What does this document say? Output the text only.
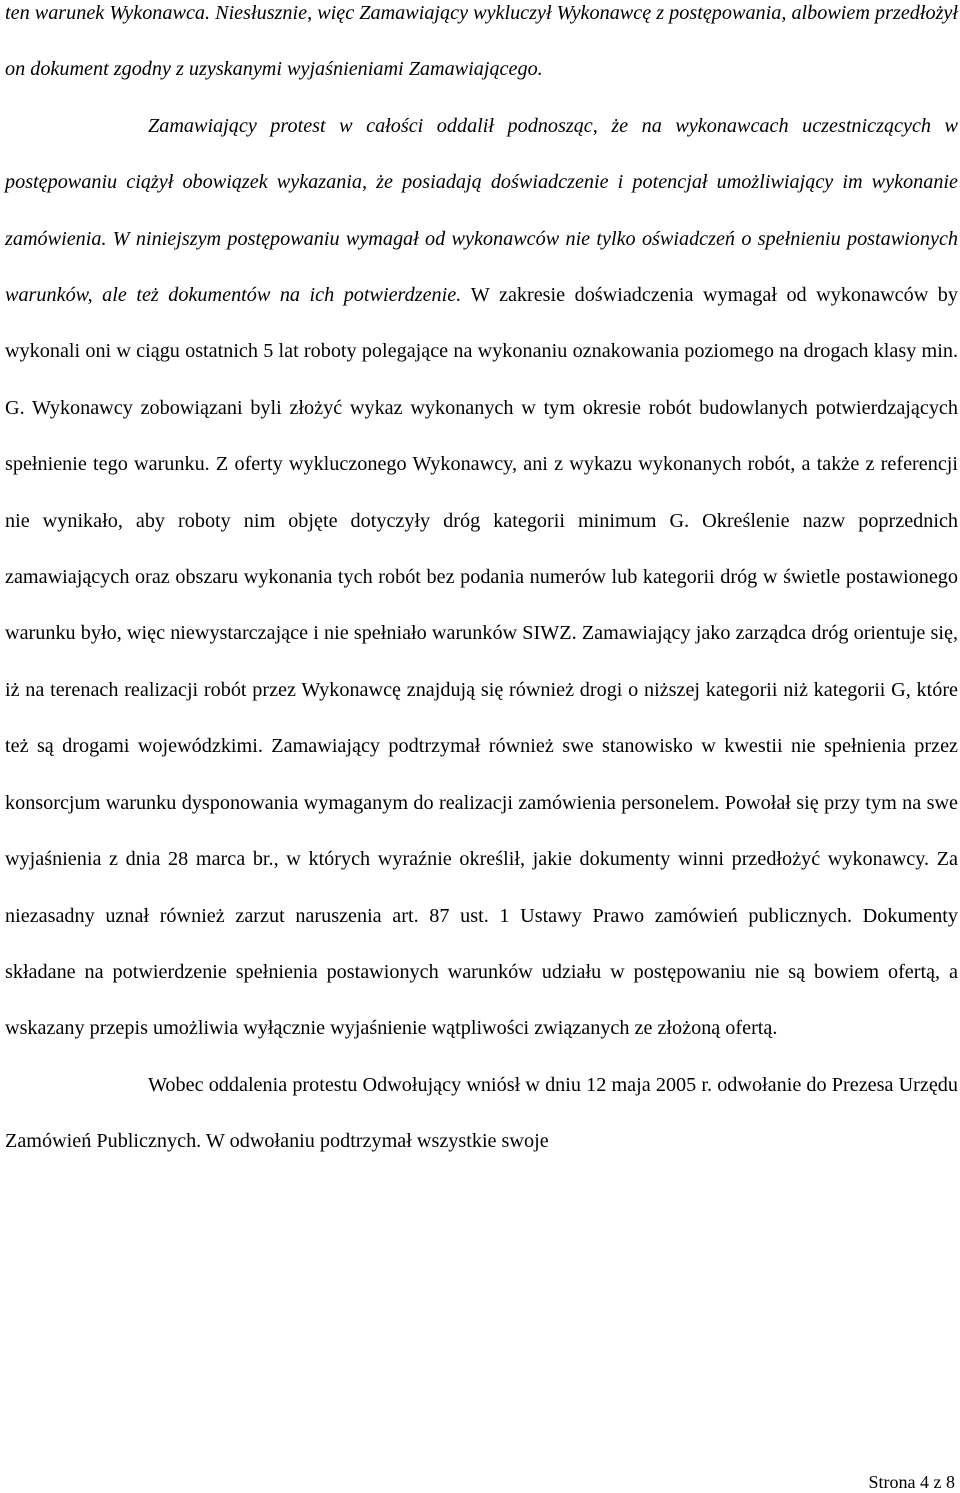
ten warunek Wykonawca. Niesłusznie, więc Zamawiający wykluczył Wykonawcę z postępowania, albowiem przedłożył on dokument zgodny z uzyskanymi wyjaśnieniami Zamawiającego.

Zamawiający protest w całości oddalił podnosząc, że na wykonawcach uczestniczących w postępowaniu ciążył obowiązek wykazania, że posiadają doświadczenie i potencjał umożliwiający im wykonanie zamówienia. W niniejszym postępowaniu wymagał od wykonawców nie tylko oświadczeń o spełnieniu postawionych warunków, ale też dokumentów na ich potwierdzenie. W zakresie doświadczenia wymagał od wykonawców by wykonali oni w ciągu ostatnich 5 lat roboty polegające na wykonaniu oznakowania poziomego na drogach klasy min. G. Wykonawcy zobowiązani byli złożyć wykaz wykonanych w tym okresie robót budowlanych potwierdzających spełnienie tego warunku. Z oferty wykluczonego Wykonawcy, ani z wykazu wykonanych robót, a także z referencji nie wynikało, aby roboty nim objęte dotyczyły dróg kategorii minimum G. Określenie nazw poprzednich zamawiających oraz obszaru wykonania tych robót bez podania numerów lub kategorii dróg w świetle postawionego warunku było, więc niewystarczające i nie spełniało warunków SIWZ. Zamawiający jako zarządca dróg orientuje się, iż na terenach realizacji robót przez Wykonawcę znajdują się również drogi o niższej kategorii niż kategorii G, które też są drogami wojewódzkimi. Zamawiający podtrzymał również swe stanowisko w kwestii nie spełnienia przez konsorcjum warunku dysponowania wymaganym do realizacji zamówienia personelem. Powołał się przy tym na swe wyjaśnienia z dnia 28 marca br., w których wyraźnie określił, jakie dokumenty winni przedłożyć wykonawcy. Za niezasadny uznał również zarzut naruszenia art. 87 ust. 1 Ustawy Prawo zamówień publicznych. Dokumenty składane na potwierdzenie spełnienia postawionych warunków udziału w postępowaniu nie są bowiem ofertą, a wskazany przepis umożliwia wyłącznie wyjaśnienie wątpliwości związanych ze złożoną ofertą.

Wobec oddalenia protestu Odwołujący wniósł w dniu 12 maja 2005 r. odwołanie do Prezesa Urzędu Zamówień Publicznych. W odwołaniu podtrzymał wszystkie swoje

Strona 4 z 8
